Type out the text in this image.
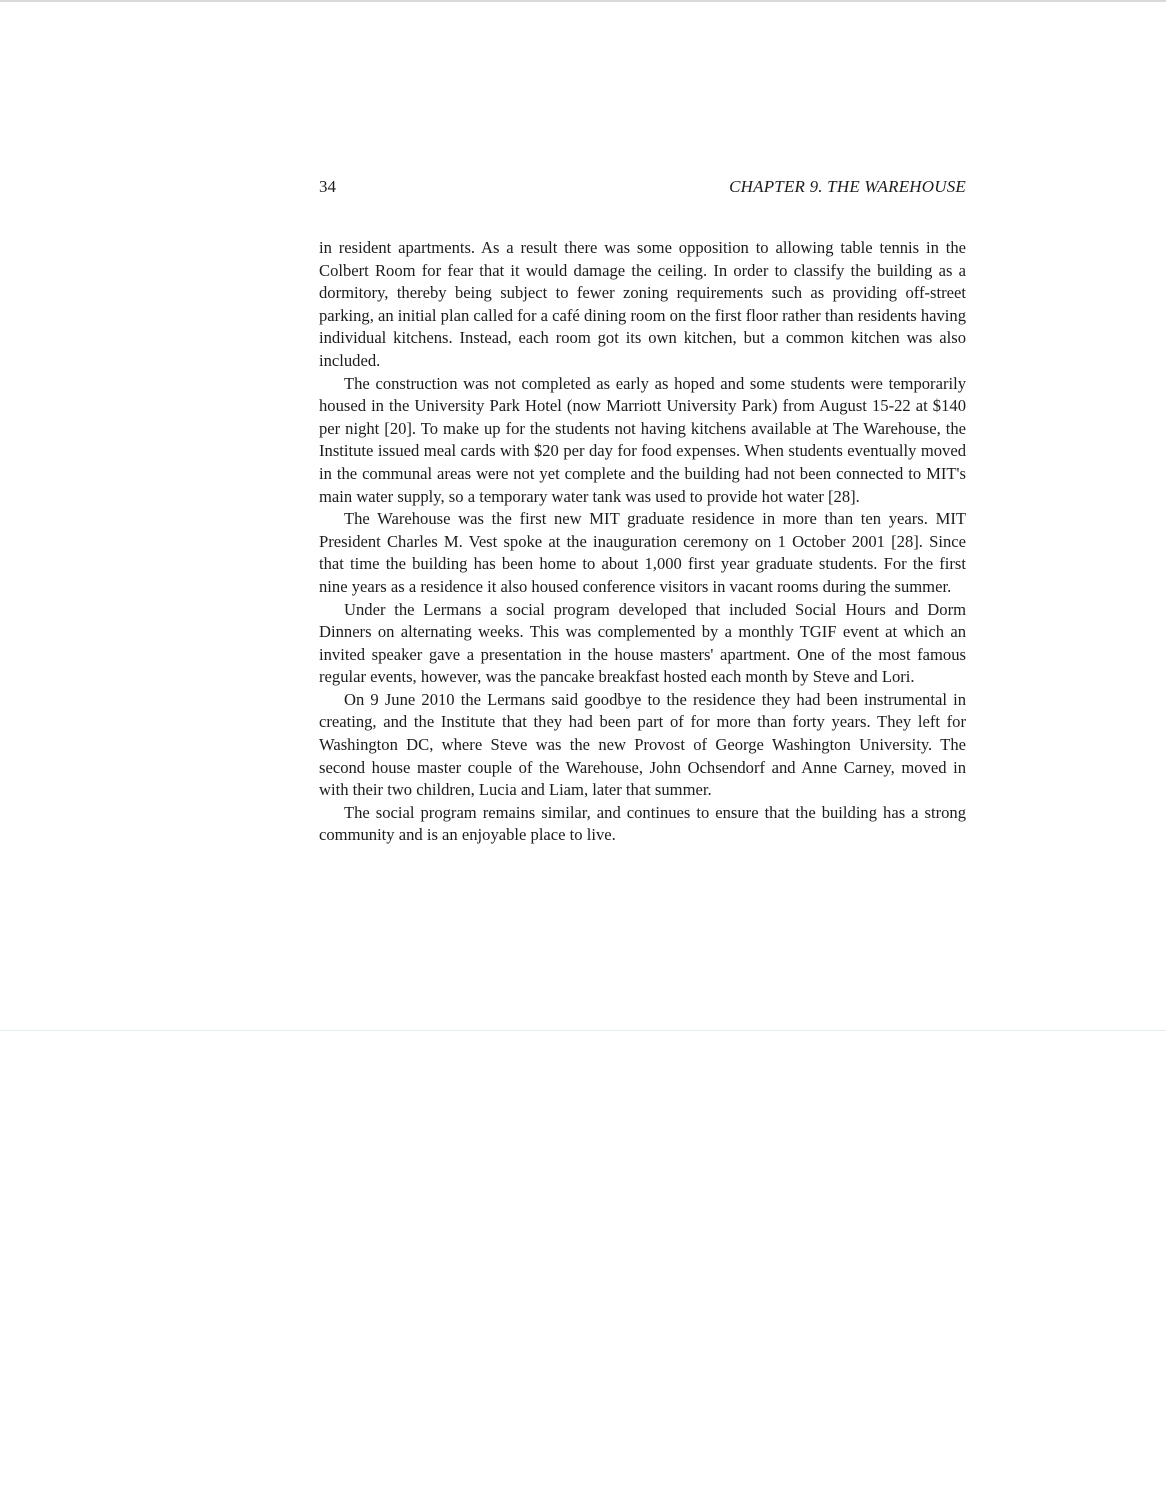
34	CHAPTER 9. THE WAREHOUSE

in resident apartments. As a result there was some opposition to allowing table tennis in the Colbert Room for fear that it would damage the ceiling. In order to classify the building as a dormitory, thereby being subject to fewer zoning requirements such as providing off-street parking, an initial plan called for a café dining room on the first floor rather than residents having individual kitchens. Instead, each room got its own kitchen, but a common kitchen was also included.

The construction was not completed as early as hoped and some students were temporarily housed in the University Park Hotel (now Marriott University Park) from August 15-22 at $140 per night [20]. To make up for the students not having kitchens available at The Warehouse, the Institute issued meal cards with $20 per day for food expenses. When students eventually moved in the communal areas were not yet complete and the building had not been connected to MIT's main water supply, so a temporary water tank was used to provide hot water [28].

The Warehouse was the first new MIT graduate residence in more than ten years. MIT President Charles M. Vest spoke at the inauguration ceremony on 1 October 2001 [28]. Since that time the building has been home to about 1,000 first year graduate students. For the first nine years as a residence it also housed conference visitors in vacant rooms during the summer.

Under the Lermans a social program developed that included Social Hours and Dorm Dinners on alternating weeks. This was complemented by a monthly TGIF event at which an invited speaker gave a presentation in the house masters' apartment. One of the most famous regular events, however, was the pancake breakfast hosted each month by Steve and Lori.

On 9 June 2010 the Lermans said goodbye to the residence they had been instrumental in creating, and the Institute that they had been part of for more than forty years. They left for Washington DC, where Steve was the new Provost of George Washington University. The second house master couple of the Warehouse, John Ochsendorf and Anne Carney, moved in with their two children, Lucia and Liam, later that summer.

The social program remains similar, and continues to ensure that the building has a strong community and is an enjoyable place to live.
